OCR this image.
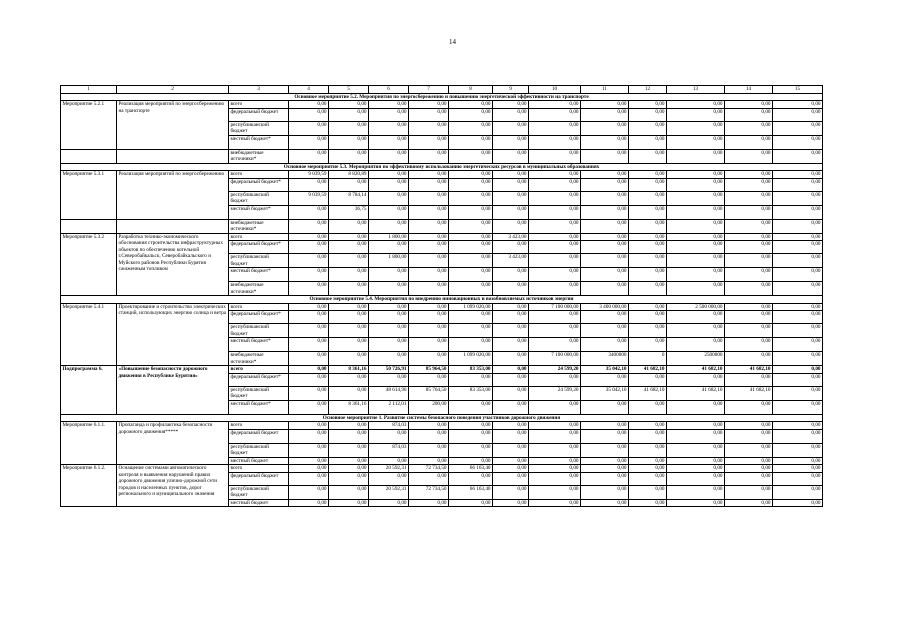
14
1	2	3	4	5	6	7	8	9	10	11	12	13	14	15
Основное мероприятие 5.2. Мероприятия по энергосбережению и повышению энергетической эффективности на транспорте														
Мероприятие 5.2.1	Реализация мероприятий по энергосбережению на транспорте	всего	0,00	0,00	0,00	0,00	0,00	0,00	0,00	0,00	0,00	0,00	0,00	0,00
		федеральный бюджет	0,00	0,00	0,00	0,00	0,00	0,00	0,00	0,00	0,00	0,00	0,00	0,00
		республиканский бюджет	0,00	0,00	0,00	0,00	0,00	0,00	0,00	0,00	0,00	0,00	0,00	0,00
		местный бюджет*	0,00	0,00	0,00	0,00	0,00	0,00	0,00	0,00	0,00	0,00	0,00	0,00
		внебюджетные источники*	0,00	0,00	0,00	0,00	0,00	0,00	0,00	0,00	0,00	0,00	0,00	0,00
Основное мероприятие 5.3. Мероприятия по эффективному использованию энергетических ресурсов в муниципальных образованиях														
Мероприятие 5.3.1	Реализация мероприятий по энергосбережению	всего	9 039,59	8 820,89	0,00	0,00	0,00	0,00	0,00	0,00	0,00	0,00	0,00	0,00
		федеральный бюджет*	0,00	0,00	0,00	0,00	0,00	0,00	0,00	0,00	0,00	0,00	0,00	0,00
		республиканский бюджет	9 039,59	8 784,14	0,00	0,00	0,00	0,00	0,00	0,00	0,00	0,00	0,00	0,00
		местный бюджет*	0,00	36,75	0,00	0,00	0,00	0,00	0,00	0,00	0,00	0,00	0,00	0,00
		внебюджетные источники*	0,00	0,00	0,00	0,00	0,00	0,00	0,00	0,00	0,00	0,00	0,00	0,00
Мероприятие 5.3.2	Разработка технико-экономического обоснования строительства инфраструктурных объектов по обеспечению котельной г.Северобайкальск, Северобайкальского и Муйского районов Республики Бурятия сжиженным топливом	всего	0,00	0,00	1 800,00	0,00	0,00	3 423,00	0,00	0,00	0,00	0,00	0,00	0,00
		федеральный бюджет*	0,00	0,00	0,00	0,00	0,00	0,00	0,00	0,00	0,00	0,00	0,00	0,00
		республиканский бюджет	0,00	0,00	1 800,00	0,00	0,00	3 423,00	0,00	0,00	0,00	0,00	0,00	0,00
		местный бюджет*	0,00	0,00	0,00	0,00	0,00	0,00	0,00	0,00	0,00	0,00	0,00	0,00
		внебюджетные источники*	0,00	0,00	0,00	0,00	0,00	0,00	0,00	0,00	0,00	0,00	0,00	0,00
Основное мероприятие 5.4. Мероприятия по внедрению инновационных и возобновляемых источников энергии														
Мероприятие 5.4.1	Проектирование и строительство электрических станций, использующих энергию солнца и ветра	всего	0,00	0,00	0,00	0,00	1 099 020,00	0,00	7 100 000,00	3 400 000,00	0,00	2 500 000,00	0,00	0,00
		федеральный бюджет*	0,00	0,00	0,00	0,00	0,00	0,00	0,00	0,00	0,00	0,00	0,00	0,00
		республиканский бюджет	0,00	0,00	0,00	0,00	0,00	0,00	0,00	0,00	0,00	0,00	0,00	0,00
		местный бюджет*	0,00	0,00	0,00	0,00	0,00	0,00	0,00	0,00	0,00	0,00	0,00	0,00
		внебюджетные источники*	0,00	0,00	0,00	0,00	1 099 020,00	0,00	7 100 000,00	3400000	0	2500000	0,00	0,00
Подпрограмма 6.	«Повышение безопасности дорожного движения в Республике Бурятия»	всего	0,00	8 361,16	50 726,91	85 964,50	83 353,00	0,00	24 599,20	35 042,10	41 682,10	41 682,10	41 682,10	0,00
		федеральный бюджет*	0,00	0,00	0,00	0,00	0,00	0,00	0,00	0,00	0,00	0,00	0,00	0,00
		республиканский бюджет	0,00	0,00	48 614,90	85 764,50	83 353,00	0,00	24 599,20	35 042,10	41 682,10	41 682,10	41 682,10	0,00
		местный бюджет*	0,00	8 361,16	2 112,01	200,00	0,00	0,00	0,00	0,00	0,00	0,00	0,00	0,00
Основное мероприятие 1. Развитие системы безопасного поведения участников дорожного движения														
Мероприятие 6.1.1.	Пропаганда и профилактика безопасности дорожного движения*****	всего	0,00	0,00	874,03	0,00	0,00	0,00	0,00	0,00	0,00	0,00	0,00	0,00
		федеральный бюджет	0,00	0,00	0,00	0,00	0,00	0,00	0,00	0,00	0,00	0,00	0,00	0,00
		республиканский бюджет	0,00	0,00	874,03	0,00	0,00	0,00	0,00	0,00	0,00	0,00	0,00	0,00
		местный бюджет	0,00	0,00	0,00	0,00	0,00	0,00	0,00	0,00	0,00	0,00	0,00	0,00
Мероприятие 6.1.2.	Оснащение системами автоматического контроля и выявления нарушений правил дорожного движения улично-дорожной сети городов и населенных пунктов, дорог регионального и муниципального значения	всего	0,00	0,00	20 592,31	72 734,50	66 163,40	0,00	0,00	0,00	0,00	0,00	0,00	0,00
		федеральный бюджет	0,00	0,00	0,00	0,00	0,00	0,00	0,00	0,00	0,00	0,00	0,00	0,00
		республиканский бюджет	0,00	0,00	20 592,31	72 734,50	66 163,40	0,00	0,00	0,00	0,00	0,00	0,00	0,00
		местный бюджет	0,00	0,00	0,00	0,00	0,00	0,00	0,00	0,00	0,00	0,00	0,00	0,00
